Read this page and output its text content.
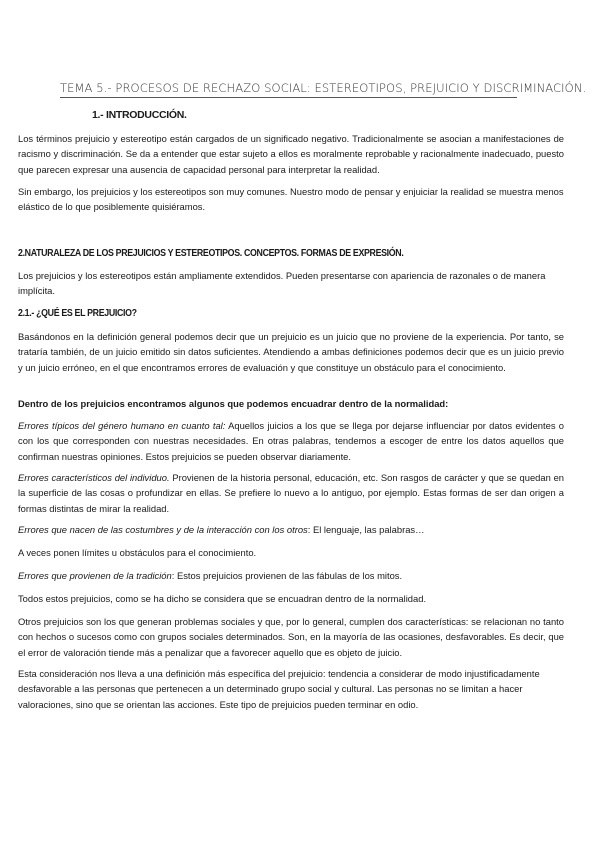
TEMA 5.- PROCESOS DE RECHAZO SOCIAL: ESTEREOTIPOS, PREJUICIO Y DISCRIMINACIÓN.
1.- INTRODUCCIÓN.
Los términos prejuicio y estereotipo están cargados de un significado negativo. Tradicionalmente se asocian a manifestaciones de racismo y discriminación. Se da a entender que estar sujeto a ellos es moralmente reprobable y racionalmente inadecuado, puesto que parecen expresar una ausencia de capacidad personal para interpretar la realidad.
Sin embargo, los prejuicios y los estereotipos son muy comunes. Nuestro modo de pensar y enjuiciar la realidad se muestra menos elástico de lo que posiblemente quisiéramos.
2.NATURALEZA DE LOS PREJUICIOS Y ESTEREOTIPOS. CONCEPTOS. FORMAS DE EXPRESIÓN.
Los prejuicios y los estereotipos están ampliamente extendidos. Pueden presentarse con apariencia de razonales o de manera implícita.
2.1.- ¿QUÉ ES EL PREJUICIO?
Basándonos en la definición general podemos decir que un prejuicio es un juicio que no proviene de la experiencia. Por tanto, se trataría también, de un juicio emitido sin datos suficientes. Atendiendo a ambas definiciones podemos decir que es un juicio previo y un juicio erróneo, en el que encontramos errores de evaluación y que constituye un obstáculo para el conocimiento.
Dentro de los prejuicios encontramos algunos que podemos encuadrar dentro de la normalidad:
Errores típicos del género humano en cuanto tal: Aquellos juicios a los que se llega por dejarse influenciar por datos evidentes o con los que corresponden con nuestras necesidades. En otras palabras, tendemos a escoger de entre los datos aquellos que confirman nuestras opiniones. Estos prejuicios se pueden observar diariamente.
Errores característicos del individuo. Provienen de la historia personal, educación, etc. Son rasgos de carácter y que se quedan en la superficie de las cosas o profundizar en ellas. Se prefiere lo nuevo a lo antiguo, por ejemplo. Estas formas de ser dan origen a formas distintas de mirar la realidad.
Errores que nacen de las costumbres y de la interacción con los otros: El lenguaje, las palabras…
A veces ponen límites u obstáculos para el conocimiento.
Errores que provienen de la tradición: Estos prejuicios provienen de las fábulas de los mitos.
Todos estos prejuicios, como se ha dicho se considera que se encuadran dentro de la normalidad.
Otros prejuicios son los que generan problemas sociales y que, por lo general, cumplen dos características: se relacionan no tanto con hechos o sucesos como con grupos sociales determinados. Son, en la mayoría de las ocasiones, desfavorables. Es decir, que el error de valoración tiende más a penalizar que a favorecer aquello que es objeto de juicio.
Esta consideración nos lleva a una definición más específica del prejuicio: tendencia a considerar de modo injustificadamente desfavorable a las personas que pertenecen a un determinado grupo social y cultural. Las personas no se limitan a hacer valoraciones, sino que se orientan las acciones. Este tipo de prejuicios pueden terminar en odio.
